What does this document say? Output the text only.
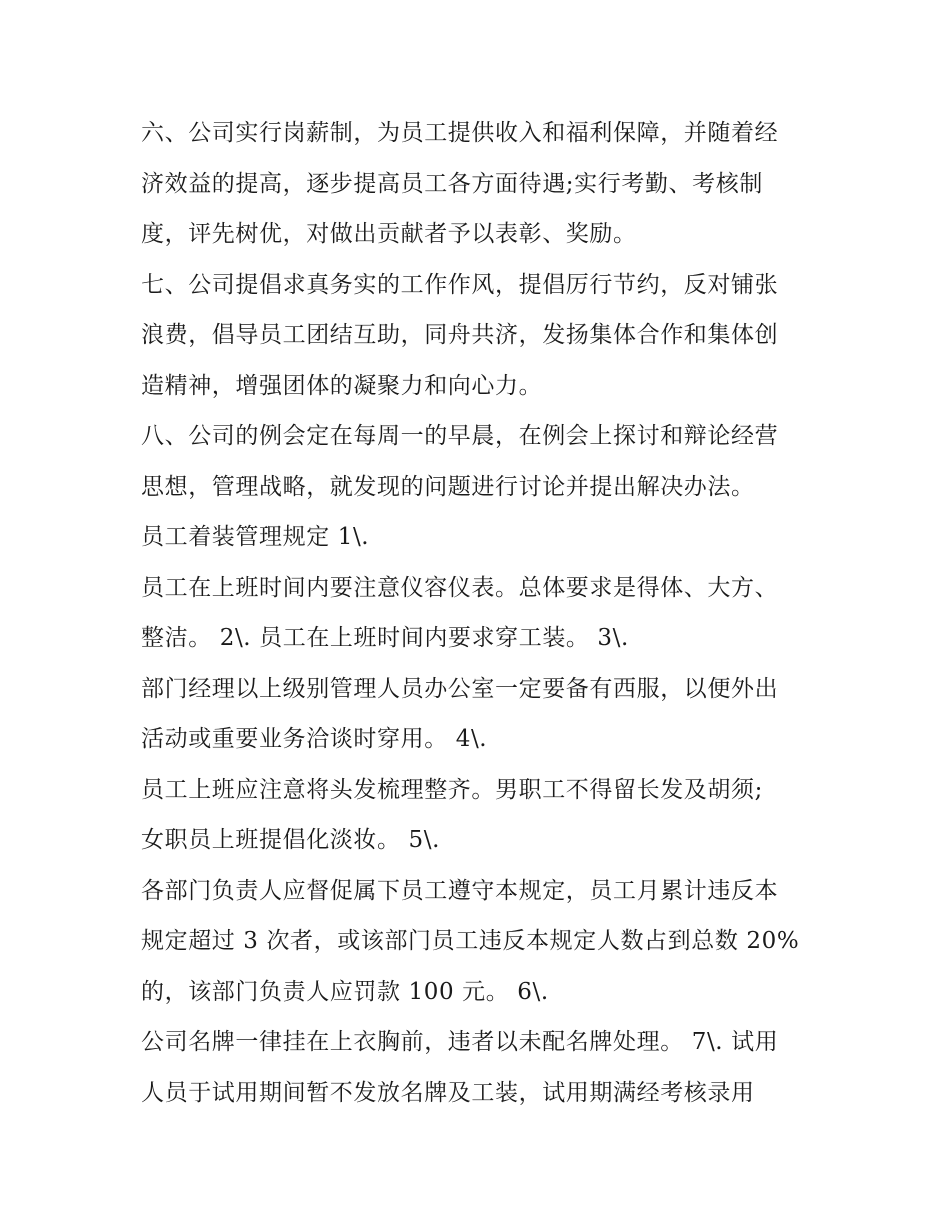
六、公司实行岗薪制，为员工提供收入和福利保障，并随着经
济效益的提高，逐步提高员工各方面待遇;实行考勤、考核制
度，评先树优，对做出贡献者予以表彰、奖励。

七、公司提倡求真务实的工作作风，提倡厉行节约，反对铺张
浪费，倡导员工团结互助，同舟共济，发扬集体合作和集体创
造精神，增强团体的凝聚力和向心力。

八、公司的例会定在每周一的早晨，在例会上探讨和辩论经营
思想，管理战略，就发现的问题进行讨论并提出解决办法。

员工着装管理规定 1\.

员工在上班时间内要注意仪容仪表。总体要求是得体、大方、
整洁。 2\. 员工在上班时间内要求穿工装。 3\.

部门经理以上级别管理人员办公室一定要备有西服，以便外出
活动或重要业务洽谈时穿用。 4\.

员工上班应注意将头发梳理整齐。男职工不得留长发及胡须;
女职员上班提倡化淡妆。 5\.

各部门负责人应督促属下员工遵守本规定，员工月累计违反本
规定超过 3 次者，或该部门员工违反本规定人数占到总数 20%
的，该部门负责人应罚款 100 元。 6\.

公司名牌一律挂在上衣胸前，违者以未配名牌处理。 7\. 试用
人员于试用期间暂不发放名牌及工装，试用期满经考核录用
